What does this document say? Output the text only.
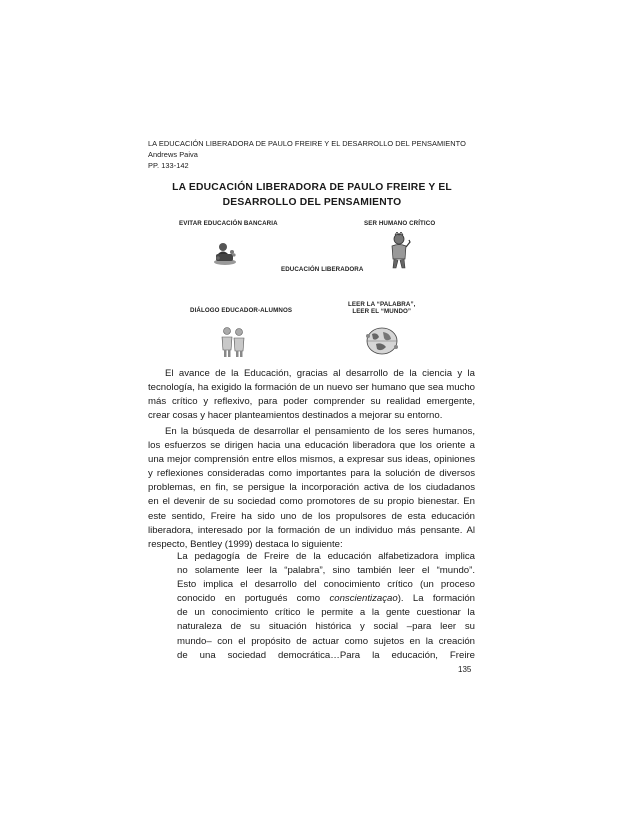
LA EDUCACIÓN LIBERADORA DE PAULO FREIRE Y EL DESARROLLO DEL PENSAMIENTO
Andrews Paiva
PP. 133-142
LA EDUCACIÓN LIBERADORA DE PAULO FREIRE Y EL
DESARROLLO DEL PENSAMIENTO
EVITAR EDUCACIÓN BANCARIA	SER HUMANO CRÍTICO
EDUCACIÓN LIBERADORA
DIÁLOGO EDUCADOR-ALUMNOS
LEER LA “PALABRA”,
LEER EL “MUNDO”
El avance de la Educación, gracias al desarrollo de la ciencia y la
tecnología, ha exigido la formación de un nuevo ser humano que sea mucho
más crítico y reflexivo, para poder comprender su realidad emergente,
crear cosas y hacer planteamientos destinados a mejorar su entorno.
En la búsqueda de desarrollar el pensamiento de los seres humanos,
los esfuerzos se dirigen hacia una educación liberadora que los oriente a
una mejor comprensión entre ellos mismos, a expresar sus ideas, opiniones
y reflexiones consideradas como importantes para la solución de diversos
problemas, en fin, se persigue la incorporación activa de los ciudadanos
en el devenir de su sociedad como promotores de su propio bienestar. En
este sentido, Freire ha sido uno de los propulsores de esta educación
liberadora, interesado por la formación de un individuo más pensante. Al
respecto, Bentley (1999) destaca lo siguiente:
La pedagogía de Freire de la educación alfabetizadora implica
no solamente leer la “palabra”, sino también leer el “mundo”.
Esto implica el desarrollo del conocimiento crítico (un proceso
conocido en portugués como conscientizaçao). La formación
de un conocimiento crítico le permite a la gente cuestionar la
naturaleza de su situación histórica y social –para leer su
mundo– con el propósito de actuar como sujetos en la creación
de una sociedad democrática…Para la educación, Freire
135
